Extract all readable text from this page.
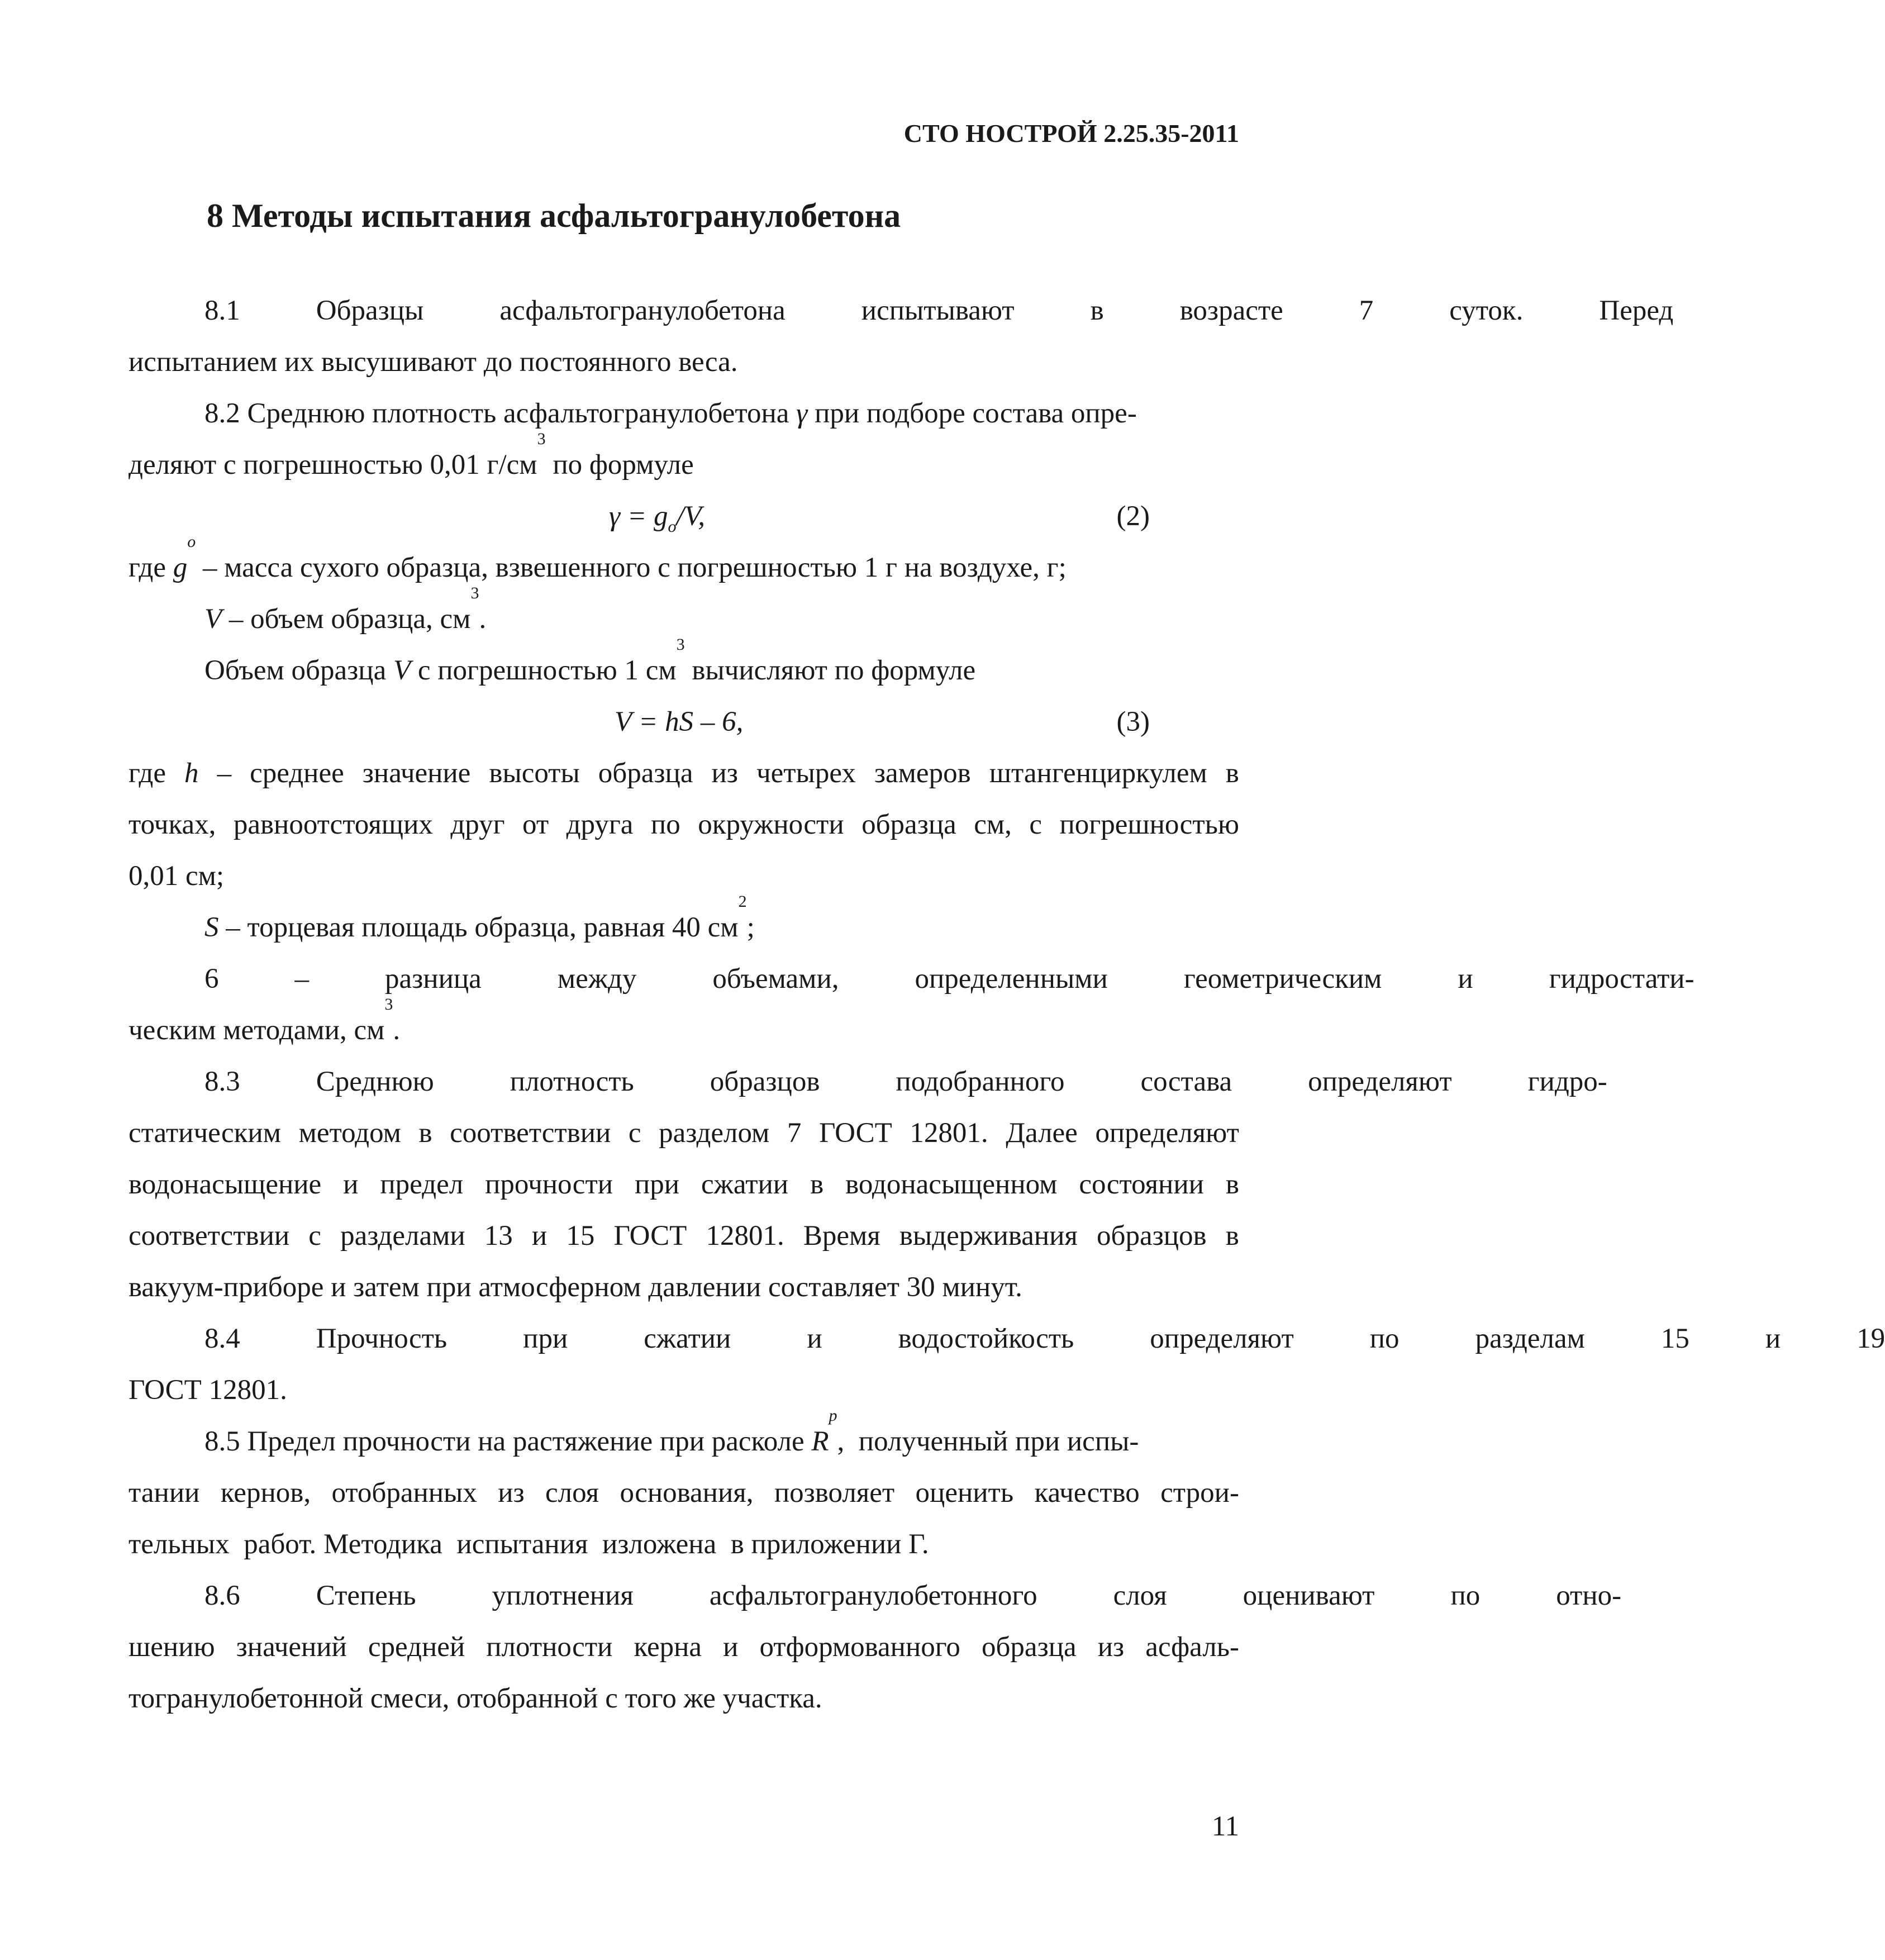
СТО НОСТРОЙ 2.25.35-2011
8 Методы испытания асфальтогранулобетона
8.1	Образцы	асфальтогранулобетона	испытывают	в	возрасте	7	суток.	Перед
испытанием их высушивают до постоянного веса.
8.2 Среднюю плотность асфальтогранулобетона γ при подборе состава опре-
деляют с погрешностью 0,01 г/см
3
по формуле
$\gamma = g_o/V$,	(2)
где g
o
– масса сухого образца, взвешенного с погрешностью 1 г на воздухе, г;
V – объем образца, см
3
.
Объем образца V с погрешностью 1 см
3
вычисляют по формуле
V = hS – 6,	(3)
где h – среднее значение высоты образца из четырех замеров штангенциркулем в
точках, равноотстоящих друг от друга по окружности образца см, с погрешностью
0,01 см;
S – торцевая площадь образца, равная 40 см
2
;
6	–	разница	между	объемами,	определенными	геометрическим	и	гидростати-
ческим методами, см
3
.
8.3	Среднюю	плотность	образцов	подобранного	состава	определяют	гидро-
статическим методом в соответствии с разделом 7 ГОСТ 12801. Далее определяют
водонасыщение и предел прочности при сжатии в водонасыщенном состоянии в
соответствии с разделами 13 и 15 ГОСТ 12801. Время выдерживания образцов в
вакуум-приборе и затем при атмосферном давлении составляет 30 минут.
8.4	Прочность	при	сжатии	и	водостойкость	определяют	по	разделам	15	и	19
ГОСТ 12801.
8.5 Предел прочности на растяжение при расколе R
p
,  полученный при испы-
тании кернов, отобранных из слоя основания, позволяет оценить качество строи-
тельных  работ. Методика  испытания  изложена  в приложении Г.
8.6	Степень	уплотнения	асфальтогранулобетонного	слоя	оценивают	по	отно-
шению значений средней плотности керна и отформованного образца из асфаль-
тогранулобетонной смеси, отобранной с того же участка.
11
